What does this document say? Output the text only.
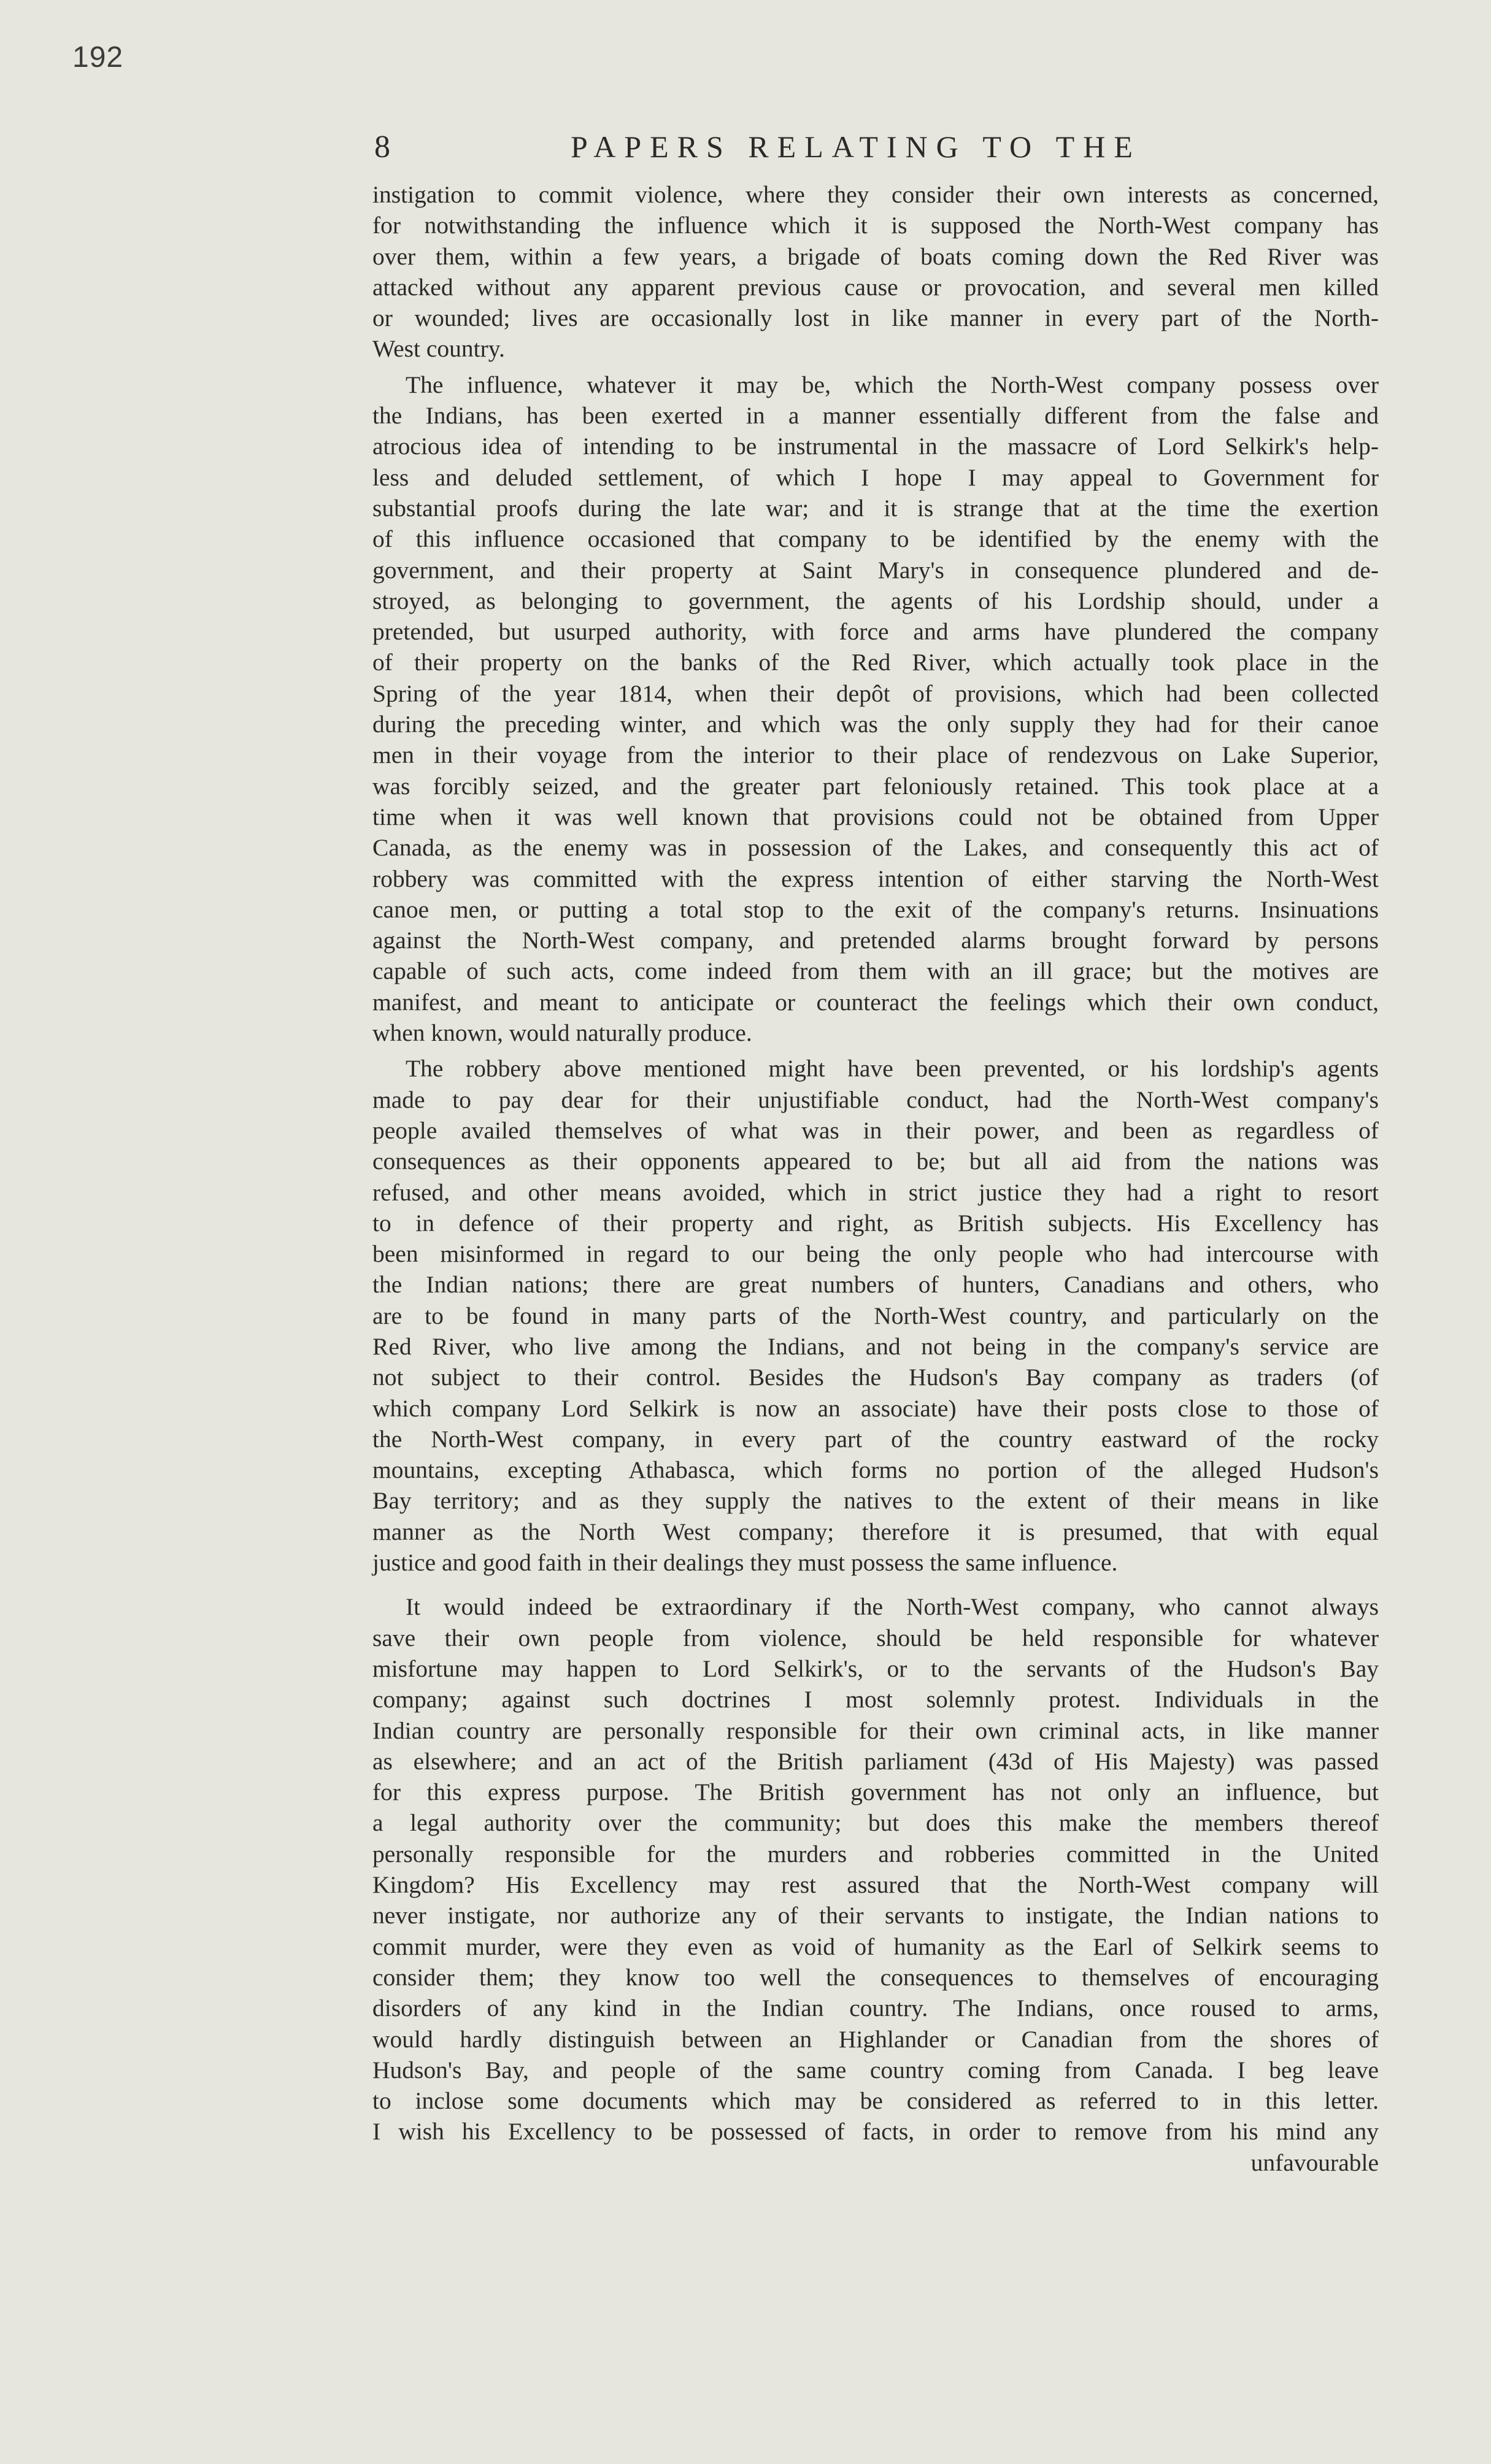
192
8	PAPERS RELATING TO THE
instigation to commit violence, where they consider their own interests as concerned,
for notwithstanding the influence which it is supposed the North-West company has
over them, within a few years, a brigade of boats coming down the Red River was
attacked without any apparent previous cause or provocation, and several men killed
or wounded; lives are occasionally lost in like manner in every part of the North-
West country.
The influence, whatever it may be, which the North-West company possess over
the Indians, has been exerted in a manner essentially different from the false and
atrocious idea of intending to be instrumental in the massacre of Lord Selkirk's help-
less and deluded settlement, of which I hope I may appeal to Government for
substantial proofs during the late war; and it is strange that at the time the exertion
of this influence occasioned that company to be identified by the enemy with the
government, and their property at Saint Mary's in consequence plundered and de-
stroyed, as belonging to government, the agents of his Lordship should, under a
pretended, but usurped authority, with force and arms have plundered the company
of their property on the banks of the Red River, which actually took place in the
Spring of the year 1814, when their depôt of provisions, which had been collected
during the preceding winter, and which was the only supply they had for their canoe
men in their voyage from the interior to their place of rendezvous on Lake Superior,
was forcibly seized, and the greater part feloniously retained. This took place at a
time when it was well known that provisions could not be obtained from Upper
Canada, as the enemy was in possession of the Lakes, and consequently this act of
robbery was committed with the express intention of either starving the North-West
canoe men, or putting a total stop to the exit of the company's returns. Insinuations
against the North-West company, and pretended alarms brought forward by persons
capable of such acts, come indeed from them with an ill grace; but the motives are
manifest, and meant to anticipate or counteract the feelings which their own conduct,
when known, would naturally produce.
The robbery above mentioned might have been prevented, or his lordship's agents
made to pay dear for their unjustifiable conduct, had the North-West company's
people availed themselves of what was in their power, and been as regardless of
consequences as their opponents appeared to be; but all aid from the nations was
refused, and other means avoided, which in strict justice they had a right to resort
to in defence of their property and right, as British subjects. His Excellency has
been misinformed in regard to our being the only people who had intercourse with
the Indian nations; there are great numbers of hunters, Canadians and others, who
are to be found in many parts of the North-West country, and particularly on the
Red River, who live among the Indians, and not being in the company's service are
not subject to their control. Besides the Hudson's Bay company as traders (of
which company Lord Selkirk is now an associate) have their posts close to those of
the North-West company, in every part of the country eastward of the rocky
mountains, excepting Athabasca, which forms no portion of the alleged Hudson's
Bay territory; and as they supply the natives to the extent of their means in like
manner as the North West company; therefore it is presumed, that with equal
justice and good faith in their dealings they must possess the same influence.
It would indeed be extraordinary if the North-West company, who cannot always
save their own people from violence, should be held responsible for whatever
misfortune may happen to Lord Selkirk's, or to the servants of the Hudson's Bay
company; against such doctrines I most solemnly protest. Individuals in the
Indian country are personally responsible for their own criminal acts, in like manner
as elsewhere; and an act of the British parliament (43d of His Majesty) was passed
for this express purpose. The British government has not only an influence, but
a legal authority over the community; but does this make the members thereof
personally responsible for the murders and robberies committed in the United
Kingdom? His Excellency may rest assured that the North-West company will
never instigate, nor authorize any of their servants to instigate, the Indian nations to
commit murder, were they even as void of humanity as the Earl of Selkirk seems to
consider them; they know too well the consequences to themselves of encouraging
disorders of any kind in the Indian country. The Indians, once roused to arms,
would hardly distinguish between an Highlander or Canadian from the shores of
Hudson's Bay, and people of the same country coming from Canada. I beg leave
to inclose some documents which may be considered as referred to in this letter.
I wish his Excellency to be possessed of facts, in order to remove from his mind any
unfavourable
